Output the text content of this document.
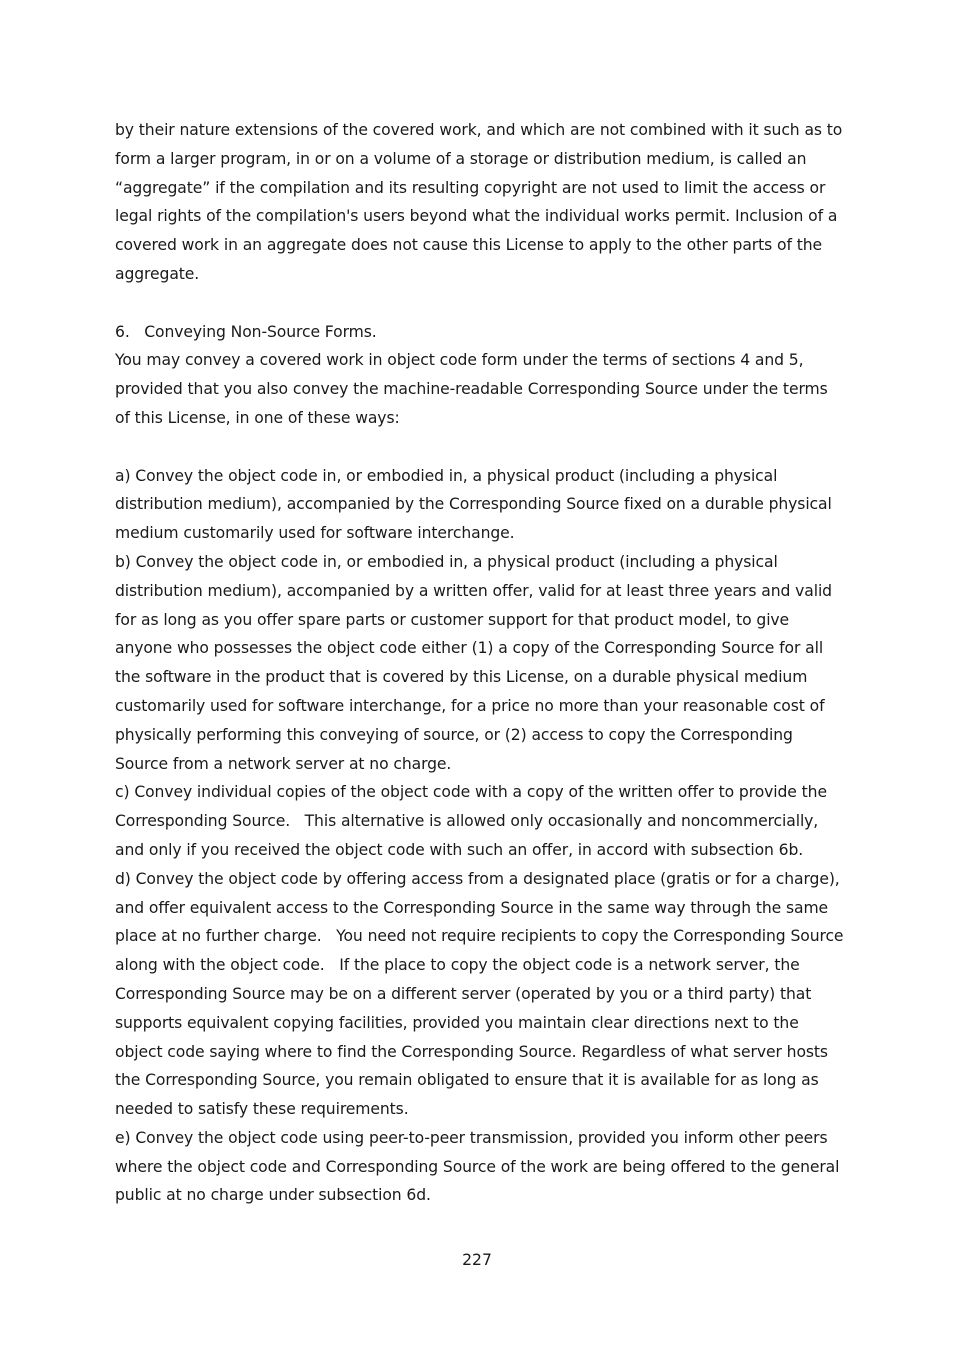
by their nature extensions of the covered work, and which are not combined with it such as to form a larger program, in or on a volume of a storage or distribution medium, is called an “aggregate” if the compilation and its resulting copyright are not used to limit the access or legal rights of the compilation's users beyond what the individual works permit. Inclusion of a covered work in an aggregate does not cause this License to apply to the other parts of the aggregate.

6.   Conveying Non-Source Forms.

You may convey a covered work in object code form under the terms of sections 4 and 5, provided that you also convey the machine-readable Corresponding Source under the terms of this License, in one of these ways:

a) Convey the object code in, or embodied in, a physical product (including a physical distribution medium), accompanied by the Corresponding Source fixed on a durable physical medium customarily used for software interchange.

b) Convey the object code in, or embodied in, a physical product (including a physical distribution medium), accompanied by a written offer, valid for at least three years and valid for as long as you offer spare parts or customer support for that product model, to give anyone who possesses the object code either (1) a copy of the Corresponding Source for all the software in the product that is covered by this License, on a durable physical medium customarily used for software interchange, for a price no more than your reasonable cost of physically performing this conveying of source, or (2) access to copy the Corresponding Source from a network server at no charge.

c) Convey individual copies of the object code with a copy of the written offer to provide the Corresponding Source.   This alternative is allowed only occasionally and noncommercially, and only if you received the object code with such an offer, in accord with subsection 6b.

d) Convey the object code by offering access from a designated place (gratis or for a charge), and offer equivalent access to the Corresponding Source in the same way through the same place at no further charge.   You need not require recipients to copy the Corresponding Source along with the object code.   If the place to copy the object code is a network server, the Corresponding Source may be on a different server (operated by you or a third party) that supports equivalent copying facilities, provided you maintain clear directions next to the object code saying where to find the Corresponding Source. Regardless of what server hosts the Corresponding Source, you remain obligated to ensure that it is available for as long as needed to satisfy these requirements.

e) Convey the object code using peer-to-peer transmission, provided you inform other peers where the object code and Corresponding Source of the work are being offered to the general public at no charge under subsection 6d.

227
